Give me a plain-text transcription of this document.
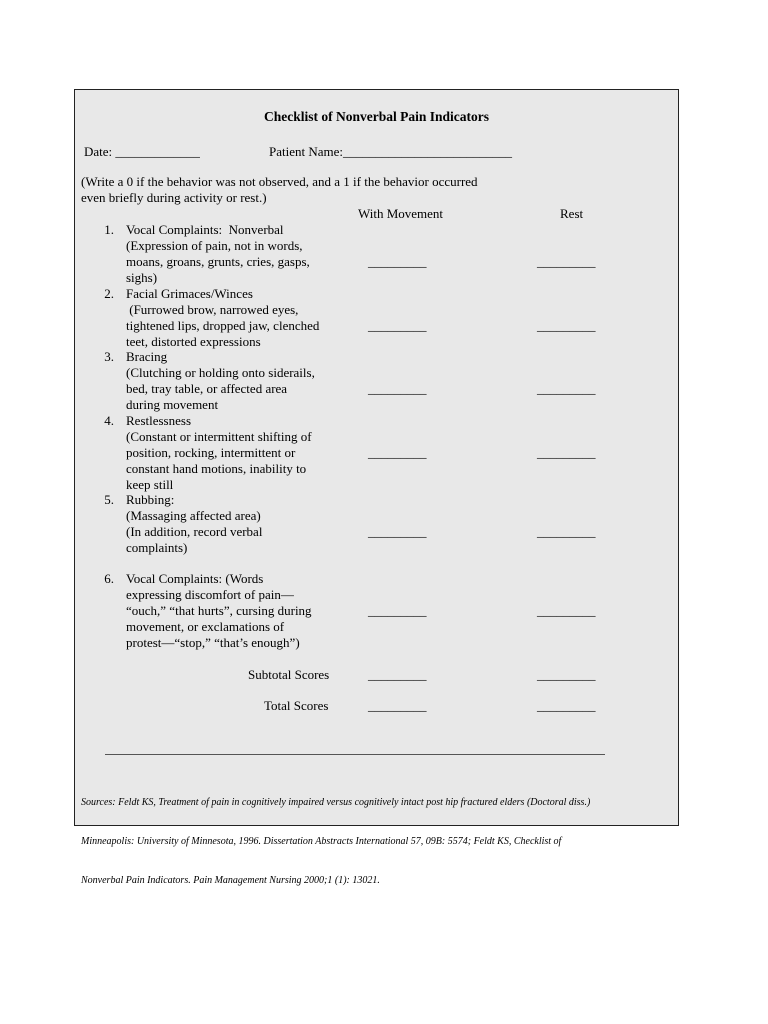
Checklist of Nonverbal Pain Indicators
Date: _____________	Patient Name:__________________________
(Write a 0 if the behavior was not observed, and a 1 if the behavior occurred
even briefly during activity or rest.)
With Movement	Rest
1. Vocal Complaints:  Nonverbal
(Expression of pain, not in words,
moans, groans, grunts, cries, gasps,
sighs)
_________	_________
2. Facial Grimaces/Winces
(Furrowed brow, narrowed eyes,
tightened lips, dropped jaw, clenched
teet, distorted expressions
_________	_________
3. Bracing
(Clutching or holding onto siderails,
bed, tray table, or affected area
during movement
_________	_________
4. Restlessness
(Constant or intermittent shifting of
position, rocking, intermittent or
constant hand motions, inability to
keep still
_________	_________
5. Rubbing:
(Massaging affected area)
(In addition, record verbal
complaints)
_________	_________
6. Vocal Complaints: (Words
expressing discomfort of pain—
“ouch,” “that hurts”, cursing during
movement, or exclamations of
protest—“stop,” “that’s enough”)
_________	_________
Subtotal Scores	_________	_________
Total Scores	_________	_________

Sources: Feldt KS, Treatment of pain in cognitively impaired versus cognitively intact post hip fractured elders (Doctoral diss.)

Minneapolis: University of Minnesota, 1996. Dissertation Abstracts International 57, 09B: 5574; Feldt KS, Checklist of

Nonverbal Pain Indicators. Pain Management Nursing 2000;1 (1): 13021.
